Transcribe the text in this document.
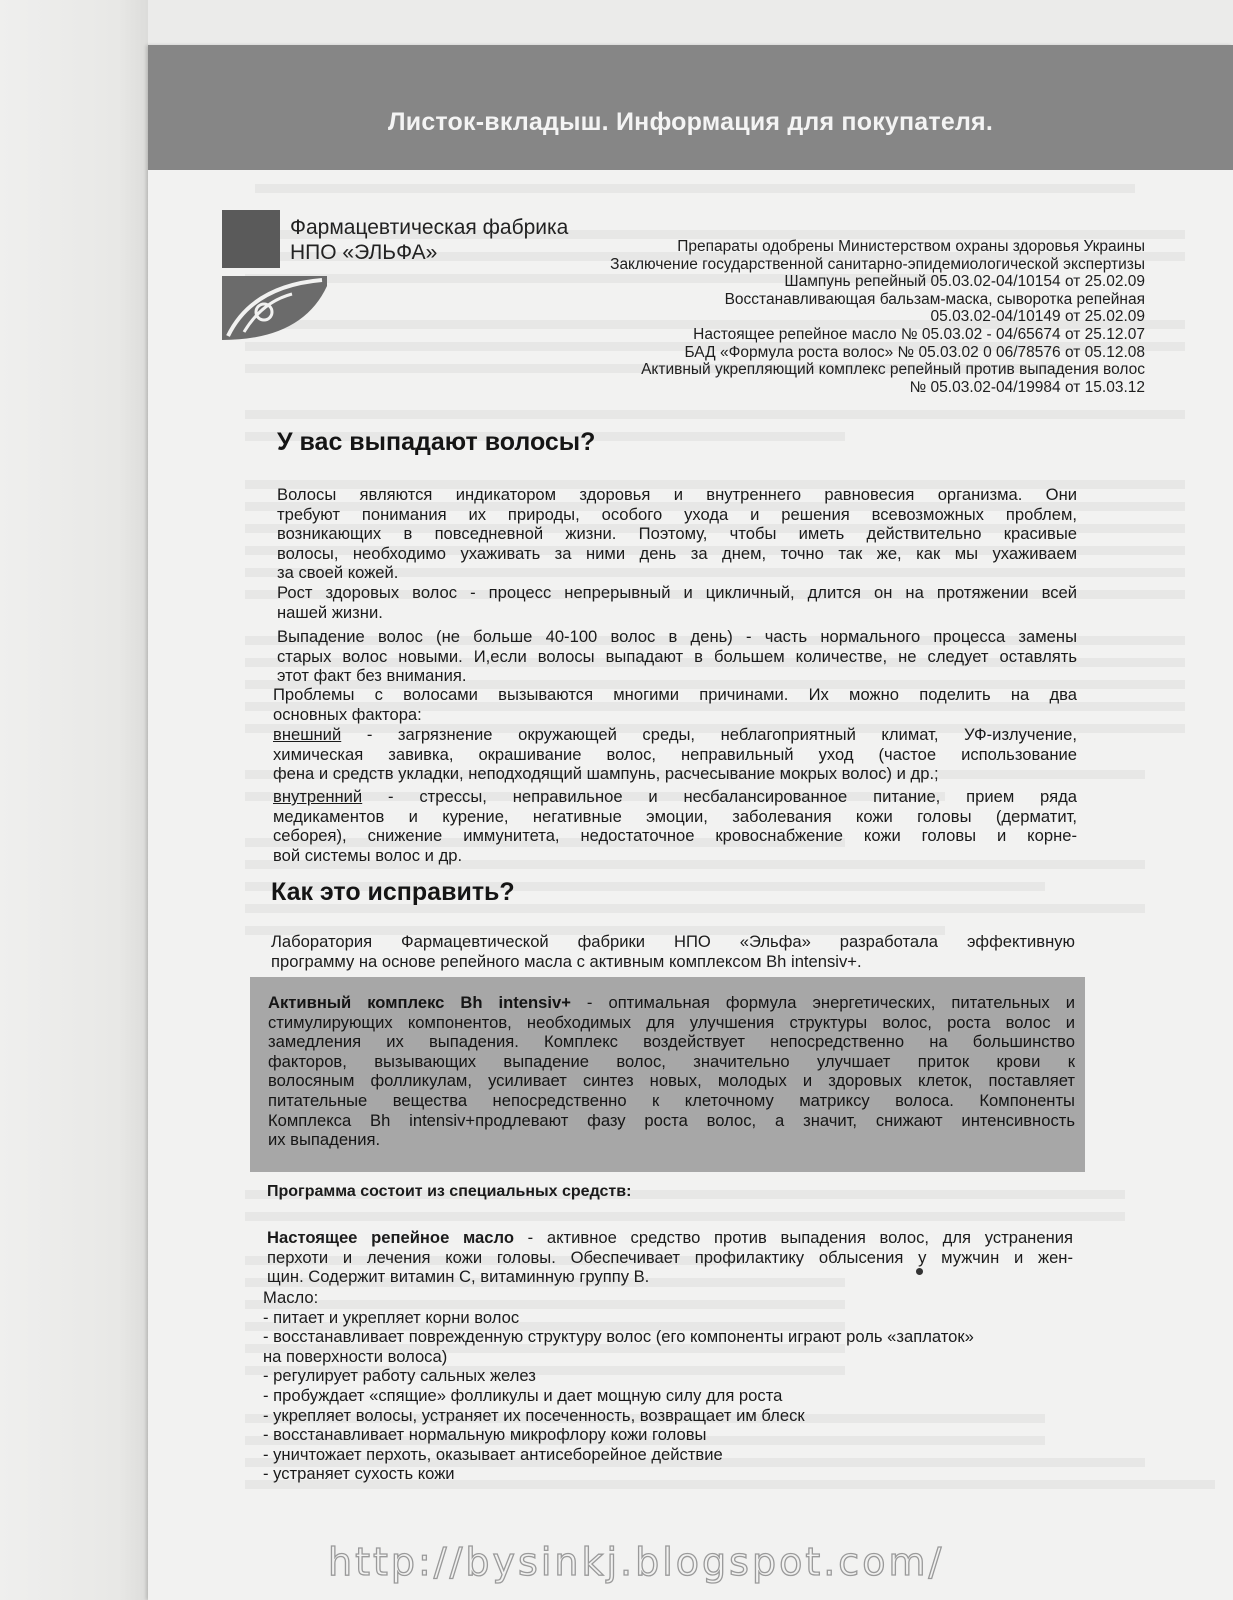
Листок-вкладыш. Информация для покупателя.
Фармацевтическая фабрика
НПО «ЭЛЬФА»	Препараты одобрены Министерством охраны здоровья Украины
Заключение государственной санитарно-эпидемиологической экспертизы
Шампунь репейный 05.03.02-04/10154 от 25.02.09
Восстанавливающая бальзам-маска, сыворотка репейная
05.03.02-04/10149 от 25.02.09
Настоящее репейное масло № 05.03.02 - 04/65674 от 25.12.07
БАД «Формула роста волос» № 05.03.02 0 06/78576 от 05.12.08
Активный укрепляющий комплекс репейный против выпадения волос
№ 05.03.02-04/19984 от 15.03.12
У вас выпадают волосы?
Волосы являются индикатором здоровья и внутреннего равновесия организма. Они
требуют понимания их природы, особого ухода и решения всевозможных проблем,
возникающих в повседневной жизни. Поэтому, чтобы иметь действительно красивые
волосы, необходимо ухаживать за ними день за днем, точно так же, как мы ухаживаем
за своей кожей.
Рост здоровых волос - процесс непрерывный и цикличный, длится он на протяжении всей
нашей жизни.
Выпадение волос (не больше 40-100 волос в день) - часть нормального процесса замены
старых волос новыми. И,если волосы выпадают в большем количестве, не следует оставлять
этот факт без внимания.
Проблемы с волосами вызываются многими причинами. Их можно поделить на два
основных фактора:
внешний - загрязнение окружающей среды, неблагоприятный климат, УФ-излучение,
химическая завивка, окрашивание волос, неправильный уход (частое использование
фена и средств укладки, неподходящий шампунь, расчесывание мокрых волос) и др.;
внутренний - стрессы, неправильное и несбалансированное питание, прием ряда
медикаментов и курение, негативные эмоции, заболевания кожи головы (дерматит,
себорея), снижение иммунитета, недостаточное кровоснабжение кожи головы и корне-
вой системы волос и др.
Как это исправить?
Лаборатория Фармацевтической фабрики НПО «Эльфа» разработала эффективную
программу на основе репейного масла с активным комплексом Bh intensiv+.
Активный комплекс Bh intensiv+ - оптимальная формула энергетических, питательных и
стимулирующих компонентов, необходимых для улучшения структуры волос, роста волос и
замедления их выпадения. Комплекс воздействует непосредственно на большинство
факторов, вызывающих выпадение волос, значительно улучшает приток крови к
волосяным фолликулам, усиливает синтез новых, молодых и здоровых клеток, поставляет
питательные вещества непосредственно к клеточному матриксу волоса. Компоненты
Комплекса Bh intensiv+продлевают фазу роста волос, а значит, снижают интенсивность
их выпадения.
Программа состоит из специальных средств:
Настоящее репейное масло - активное средство против выпадения волос, для устранения
перхоти и лечения кожи головы. Обеспечивает профилактику облысения у мужчин и жен-
щин. Содержит витамин С, витаминную группу В.
Масло:
- питает и укрепляет корни волос
- восстанавливает поврежденную структуру волос (его компоненты играют роль «заплаток»
на поверхности волоса)
- регулирует работу сальных желез
- пробуждает «спящие» фолликулы и дает мощную силу для роста
- укрепляет волосы, устраняет их посеченность, возвращает им блеск
- восстанавливает нормальную микрофлору кожи головы
- уничтожает перхоть, оказывает антисеборейное действие
- устраняет сухость кожи
http://bysinkj.blogspot.com/
